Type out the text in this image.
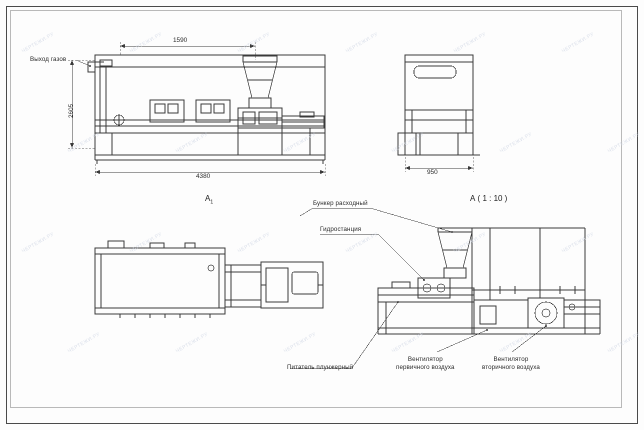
1590
2605
4380
950
Выход газов
$А_1$	А ( 1 : 10 )
Бункер расходный
Гидростанция
Питатель плунжерный
Вентилятор
первичного воздуха
Вентилятор
вторичного воздуха
ЧЕРТЕЖИ.РУ	ЧЕРТЕЖИ.РУ	ЧЕРТЕЖИ.РУ	ЧЕРТЕЖИ.РУ	ЧЕРТЕЖИ.РУ	ЧЕРТЕЖИ.РУ
ЧЕРТЕЖИ.РУ	ЧЕРТЕЖИ.РУ	ЧЕРТЕЖИ.РУ	ЧЕРТЕЖИ.РУ	ЧЕРТЕЖИ.РУ	ЧЕРТЕЖИ.РУ
ЧЕРТЕЖИ.РУ	ЧЕРТЕЖИ.РУ	ЧЕРТЕЖИ.РУ	ЧЕРТЕЖИ.РУ	ЧЕРТЕЖИ.РУ	ЧЕРТЕЖИ.РУ
ЧЕРТЕЖИ.РУ	ЧЕРТЕЖИ.РУ	ЧЕРТЕЖИ.РУ	ЧЕРТЕЖИ.РУ	ЧЕРТЕЖИ.РУ	ЧЕРТЕЖИ.РУ
